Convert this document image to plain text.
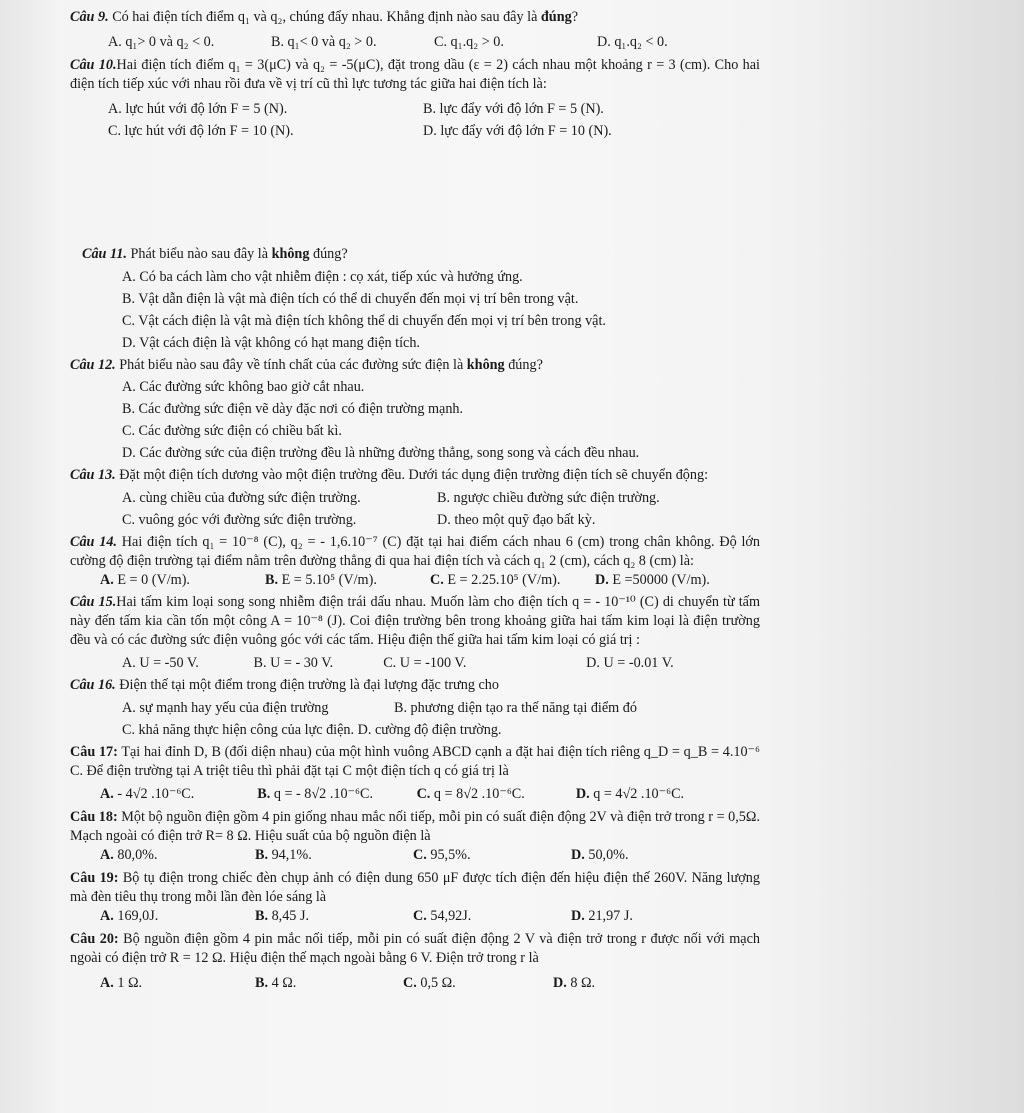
Câu 9. Có hai điện tích điểm q₁ và q₂, chúng đẩy nhau. Khẳng định nào sau đây là đúng?

A. q₁> 0 và q₂ < 0.	B. q₁< 0 và q₂ > 0.	C. q₁.q₂ > 0.	D. q₁.q₂ < 0.

Câu 10.Hai điện tích điểm q₁ = 3(μC) và q₂ = -5(μC), đặt trong dầu (ε = 2) cách nhau một khoảng r = 3 (cm). Cho hai điện tích tiếp xúc với nhau rồi đưa về vị trí cũ thì lực tương tác giữa hai điện tích là:

A. lực hút với độ lớn F = 5 (N).	B. lực đẩy với độ lớn F = 5 (N).
C. lực hút với độ lớn F = 10 (N).	D. lực đẩy với độ lớn F = 10 (N).

Câu 11. Phát biểu nào sau đây là không đúng?

A. Có ba cách làm cho vật nhiễm điện : cọ xát, tiếp xúc và hưởng ứng.
B. Vật dẫn điện là vật mà điện tích có thể di chuyển đến mọi vị trí bên trong vật.
C. Vật cách điện là vật mà điện tích không thể di chuyển đến mọi vị trí bên trong vật.
D. Vật cách điện là vật không có hạt mang điện tích.

Câu 12. Phát biểu nào sau đây về tính chất của các đường sức điện là không đúng?

A. Các đường sức không bao giờ cắt nhau.
B. Các đường sức điện vẽ dày đặc nơi có điện trường mạnh.
C. Các đường sức điện có chiều bất kì.
D. Các đường sức của điện trường đều là những đường thẳng, song song và cách đều nhau.

Câu 13. Đặt một điện tích dương vào một điện trường đều. Dưới tác dụng điện trường điện tích sẽ chuyển động:

A. cùng chiều của đường sức điện trường.	B. ngược chiều đường sức điện trường.
C. vuông góc với đường sức điện trường.	D. theo một quỹ đạo bất kỳ.

Câu 14. Hai điện tích q₁ = 10⁻⁸ (C), q₂ = - 1,6.10⁻⁷ (C) đặt tại hai điểm cách nhau 6 (cm) trong chân không. Độ lớn cường độ điện trường tại điểm nằm trên đường thẳng đi qua hai điện tích và cách q₁ 2 (cm), cách q₂ 8 (cm) là:

A. E = 0 (V/m).	B. E = 5.10⁵ (V/m).	C. E = 2.25.10⁵ (V/m).	D. E =50000 (V/m).

Câu 15.Hai tấm kim loại song song nhiễm điện trái dấu nhau. Muốn làm cho điện tích q = - 10⁻¹⁰ (C) di chuyển từ tấm này đến tấm kia cần tốn một công A = 10⁻⁸ (J). Coi điện trường bên trong khoảng giữa hai tấm kim loại là điện trường đều và có các đường sức điện vuông góc với các tấm. Hiệu điện thế giữa hai tấm kim loại có giá trị :

A. U = -50 V.	B. U = - 30 V.	C. U = -100 V.	D. U = -0.01 V.

Câu 16. Điện thế tại một điểm trong điện trường là đại lượng đặc trưng cho

A. sự mạnh hay yếu của điện trường	B. phương diện tạo ra thế năng tại điểm đó
C. khả năng thực hiện công của lực điện. D. cường độ điện trường.

Câu 17: Tại hai đỉnh D, B (đối diện nhau) của một hình vuông ABCD cạnh a đặt hai điện tích riêng q_D = q_B = 4.10⁻⁶ C. Để điện trường tại A triệt tiêu thì phải đặt tại C một điện tích q có giá trị là

A. - 4√2 .10⁻⁶C.	B. q = - 8√2 .10⁻⁶C.	C. q = 8√2 .10⁻⁶C.	D. q = 4√2 .10⁻⁶C.

Câu 18: Một bộ nguồn điện gồm 4 pin giống nhau mắc nối tiếp, mỗi pin có suất điện động 2V và điện trở trong r = 0,5Ω. Mạch ngoài có điện trở R= 8 Ω. Hiệu suất của bộ nguồn điện là

A. 80,0%.	B. 94,1%.	C. 95,5%.	D. 50,0%.

Câu 19: Bộ tụ điện trong chiếc đèn chụp ảnh có điện dung 650 μF được tích điện đến hiệu điện thế 260V. Năng lượng mà đèn tiêu thụ trong mỗi lần đèn lóe sáng là

A. 169,0J.	B. 8,45 J.	C. 54,92J.	D. 21,97 J.

Câu 20: Bộ nguồn điện gồm 4 pin mắc nối tiếp, mỗi pin có suất điện động 2 V và điện trở trong r được nối với mạch ngoài có điện trở R = 12 Ω. Hiệu điện thế mạch ngoài bằng 6 V. Điện trở trong r là

A. 1 Ω.	B. 4 Ω.	C. 0,5 Ω.	D. 8 Ω.
